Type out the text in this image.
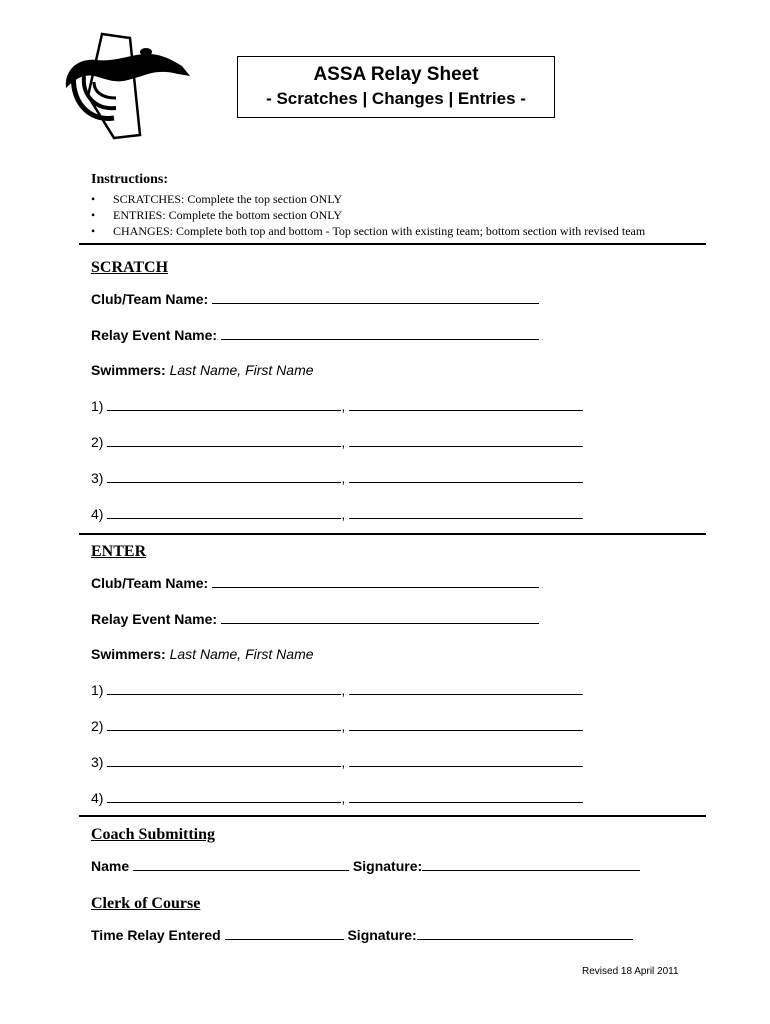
ASSA Relay Sheet
- Scratches | Changes | Entries -
Instructions:
• SCRATCHES: Complete the top section ONLY
• ENTRIES: Complete the bottom section ONLY
• CHANGES: Complete both top and bottom - Top section with existing team; bottom section with revised team
SCRATCH
Club/Team Name:
Relay Event Name:
Swimmers: Last Name, First Name
1)	,
2)	,
3)	,
4)	,
ENTER
Club/Team Name:
Relay Event Name:
Swimmers: Last Name, First Name
1)	,
2)	,
3)	,
4)	,
Coach Submitting
Name	Signature:
Clerk of Course
Time Relay Entered	Signature:
Revised 18 April 2011
